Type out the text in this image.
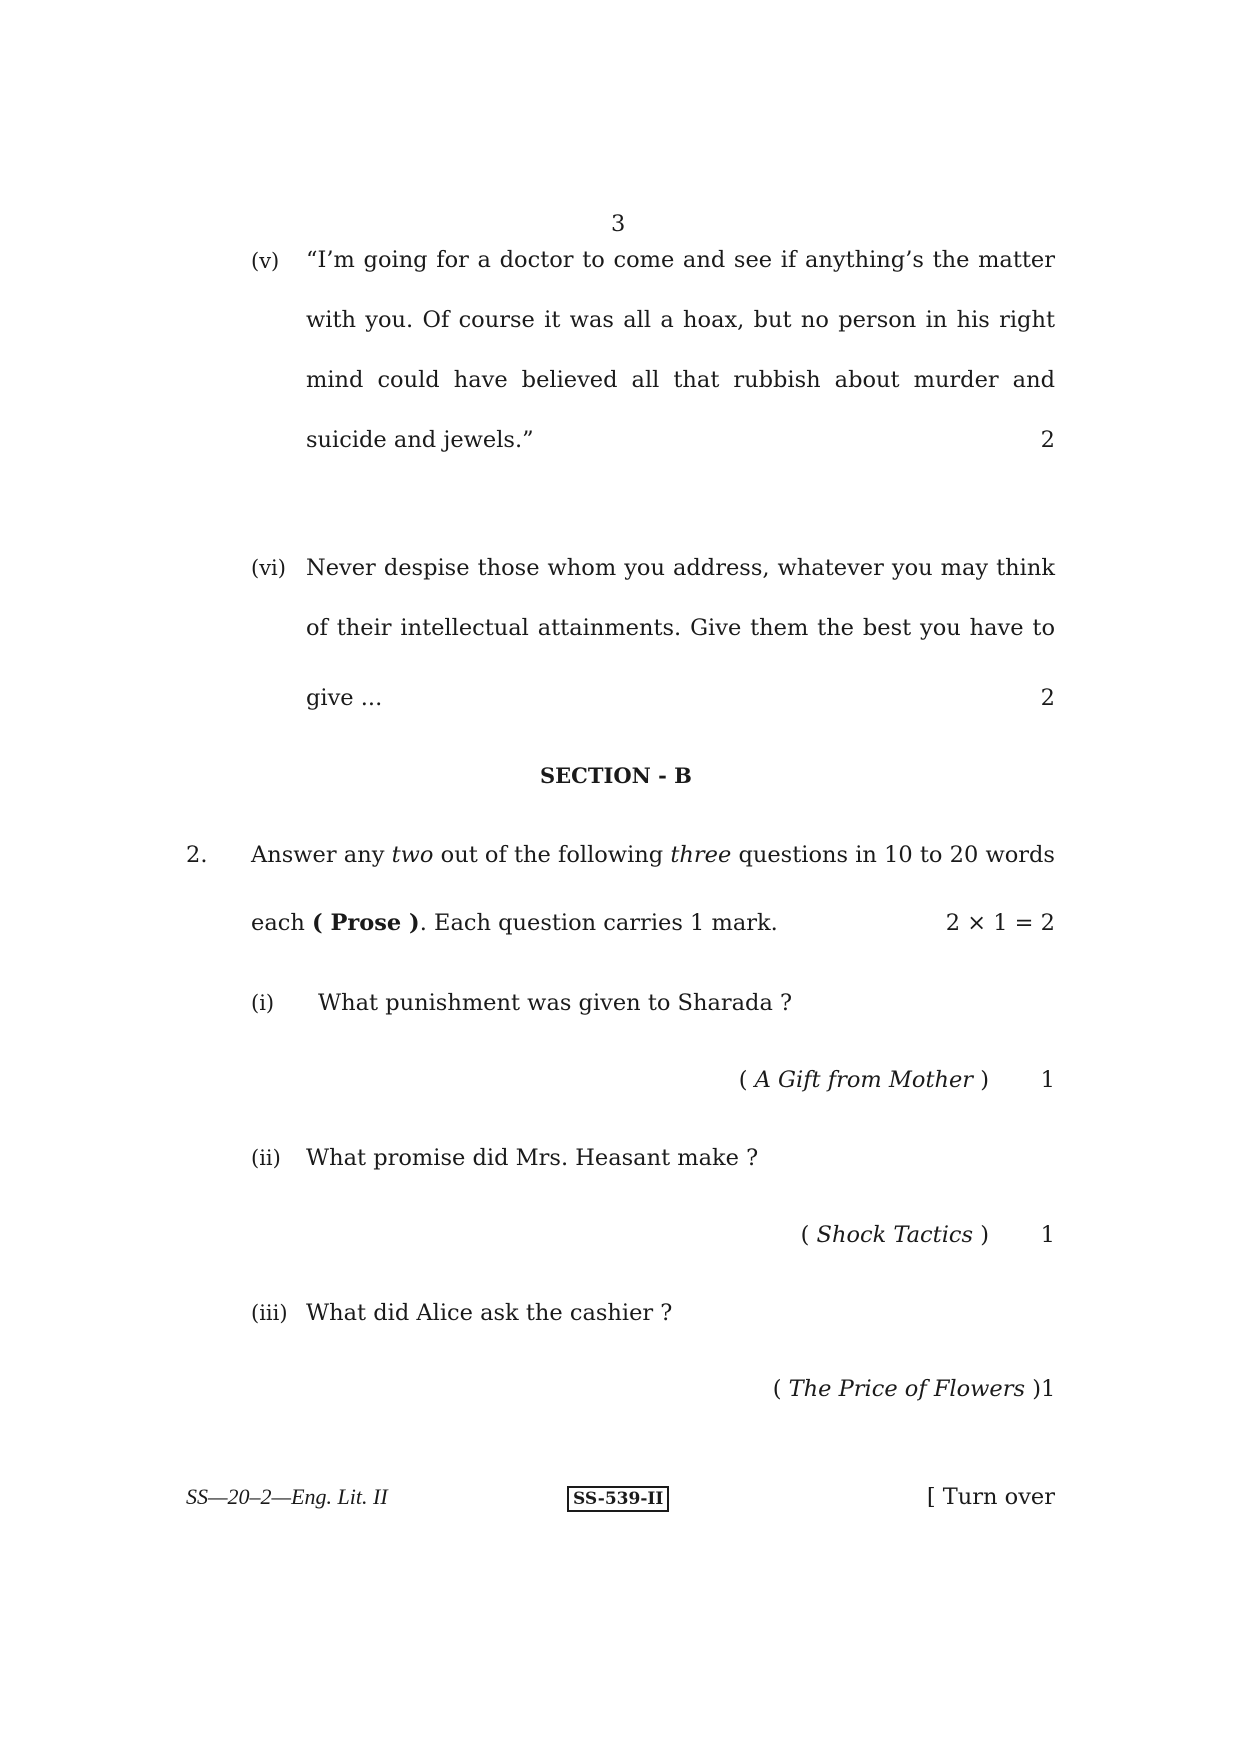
3
(v) “I’m going for a doctor to come and see if anything’s the matter
with you. Of course it was all a hoax, but no person in his right
mind could have believed all that rubbish about murder and
suicide and jewels.”	2
(vi) Never despise those whom you address, whatever you may think
of their intellectual attainments. Give them the best you have to
give ...	2
SECTION - B
2. Answer any two out of the following three questions in 10 to 20 words
each ( Prose ). Each question carries 1 mark.	2 × 1 = 2
(i) What punishment was given to Sharada ?
( A Gift from Mother ) 1
(ii) What promise did Mrs. Heasant make ?
( Shock Tactics ) 1
(iii) What did Alice ask the cashier ?
( The Price of Flowers ) 1
SS—20–2—Eng. Lit. II	SS-539-II	[ Turn over
